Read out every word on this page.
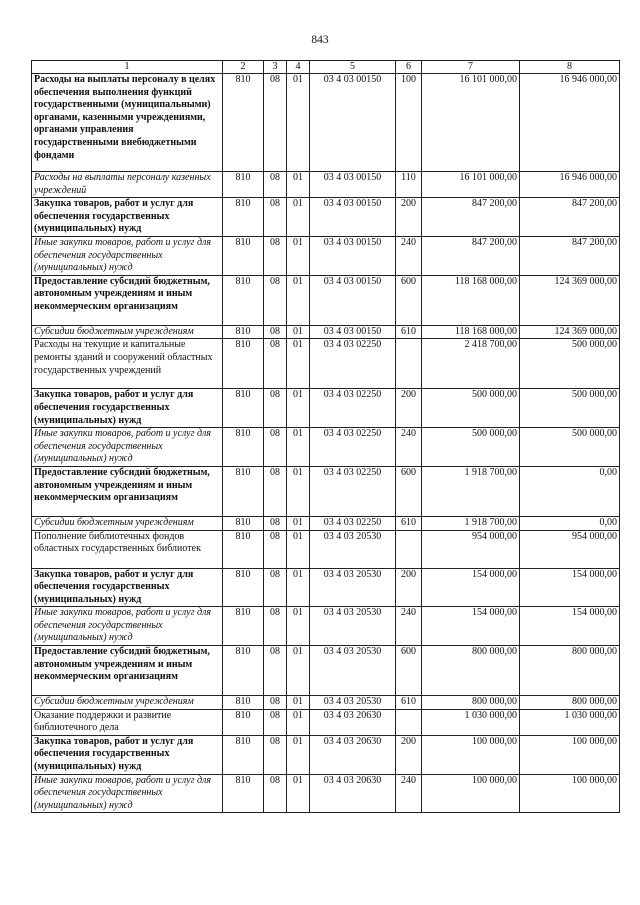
843
1	2	3	4	5	6	7	8
Расходы на выплаты персоналу в целях обеспечения выполнения функций государственными (муниципальными) органами, казенными учреждениями, органами управления государственными внебюджетными фондами	810	08	01	03 4 03 00150	100	16 101 000,00	16 946 000,00
Расходы на выплаты персоналу казенных учреждений	810	08	01	03 4 03 00150	110	16 101 000,00	16 946 000,00
Закупка товаров, работ и услуг для обеспечения государственных (муниципальных) нужд	810	08	01	03 4 03 00150	200	847 200,00	847 200,00
Иные закупки товаров, работ и услуг для обеспечения государственных (муниципальных) нужд	810	08	01	03 4 03 00150	240	847 200,00	847 200,00
Предоставление субсидий бюджетным, автономным учреждениям и иным некоммерческим организациям	810	08	01	03 4 03 00150	600	118 168 000,00	124 369 000,00
Субсидии бюджетным учреждениям	810	08	01	03 4 03 00150	610	118 168 000,00	124 369 000,00
Расходы на текущие и капитальные ремонты зданий и сооружений областных государственных учреждений	810	08	01	03 4 03 02250		2 418 700,00	500 000,00
Закупка товаров, работ и услуг для обеспечения государственных (муниципальных) нужд	810	08	01	03 4 03 02250	200	500 000,00	500 000,00
Иные закупки товаров, работ и услуг для обеспечения государственных (муниципальных) нужд	810	08	01	03 4 03 02250	240	500 000,00	500 000,00
Предоставление субсидий бюджетным, автономным учреждениям и иным некоммерческим организациям	810	08	01	03 4 03 02250	600	1 918 700,00	0,00
Субсидии бюджетным учреждениям	810	08	01	03 4 03 02250	610	1 918 700,00	0,00
Пополнение библиотечных фондов областных государственных библиотек	810	08	01	03 4 03 20530		954 000,00	954 000,00
Закупка товаров, работ и услуг для обеспечения государственных (муниципальных) нужд	810	08	01	03 4 03 20530	200	154 000,00	154 000,00
Иные закупки товаров, работ и услуг для обеспечения государственных (муниципальных) нужд	810	08	01	03 4 03 20530	240	154 000,00	154 000,00
Предоставление субсидий бюджетным, автономным учреждениям и иным некоммерческим организациям	810	08	01	03 4 03 20530	600	800 000,00	800 000,00
Субсидии бюджетным учреждениям	810	08	01	03 4 03 20530	610	800 000,00	800 000,00
Оказание поддержки и развитие библиотечного дела	810	08	01	03 4 03 20630		1 030 000,00	1 030 000,00
Закупка товаров, работ и услуг для обеспечения государственных (муниципальных) нужд	810	08	01	03 4 03 20630	200	100 000,00	100 000,00
Иные закупки товаров, работ и услуг для обеспечения государственных (муниципальных) нужд	810	08	01	03 4 03 20630	240	100 000,00	100 000,00
